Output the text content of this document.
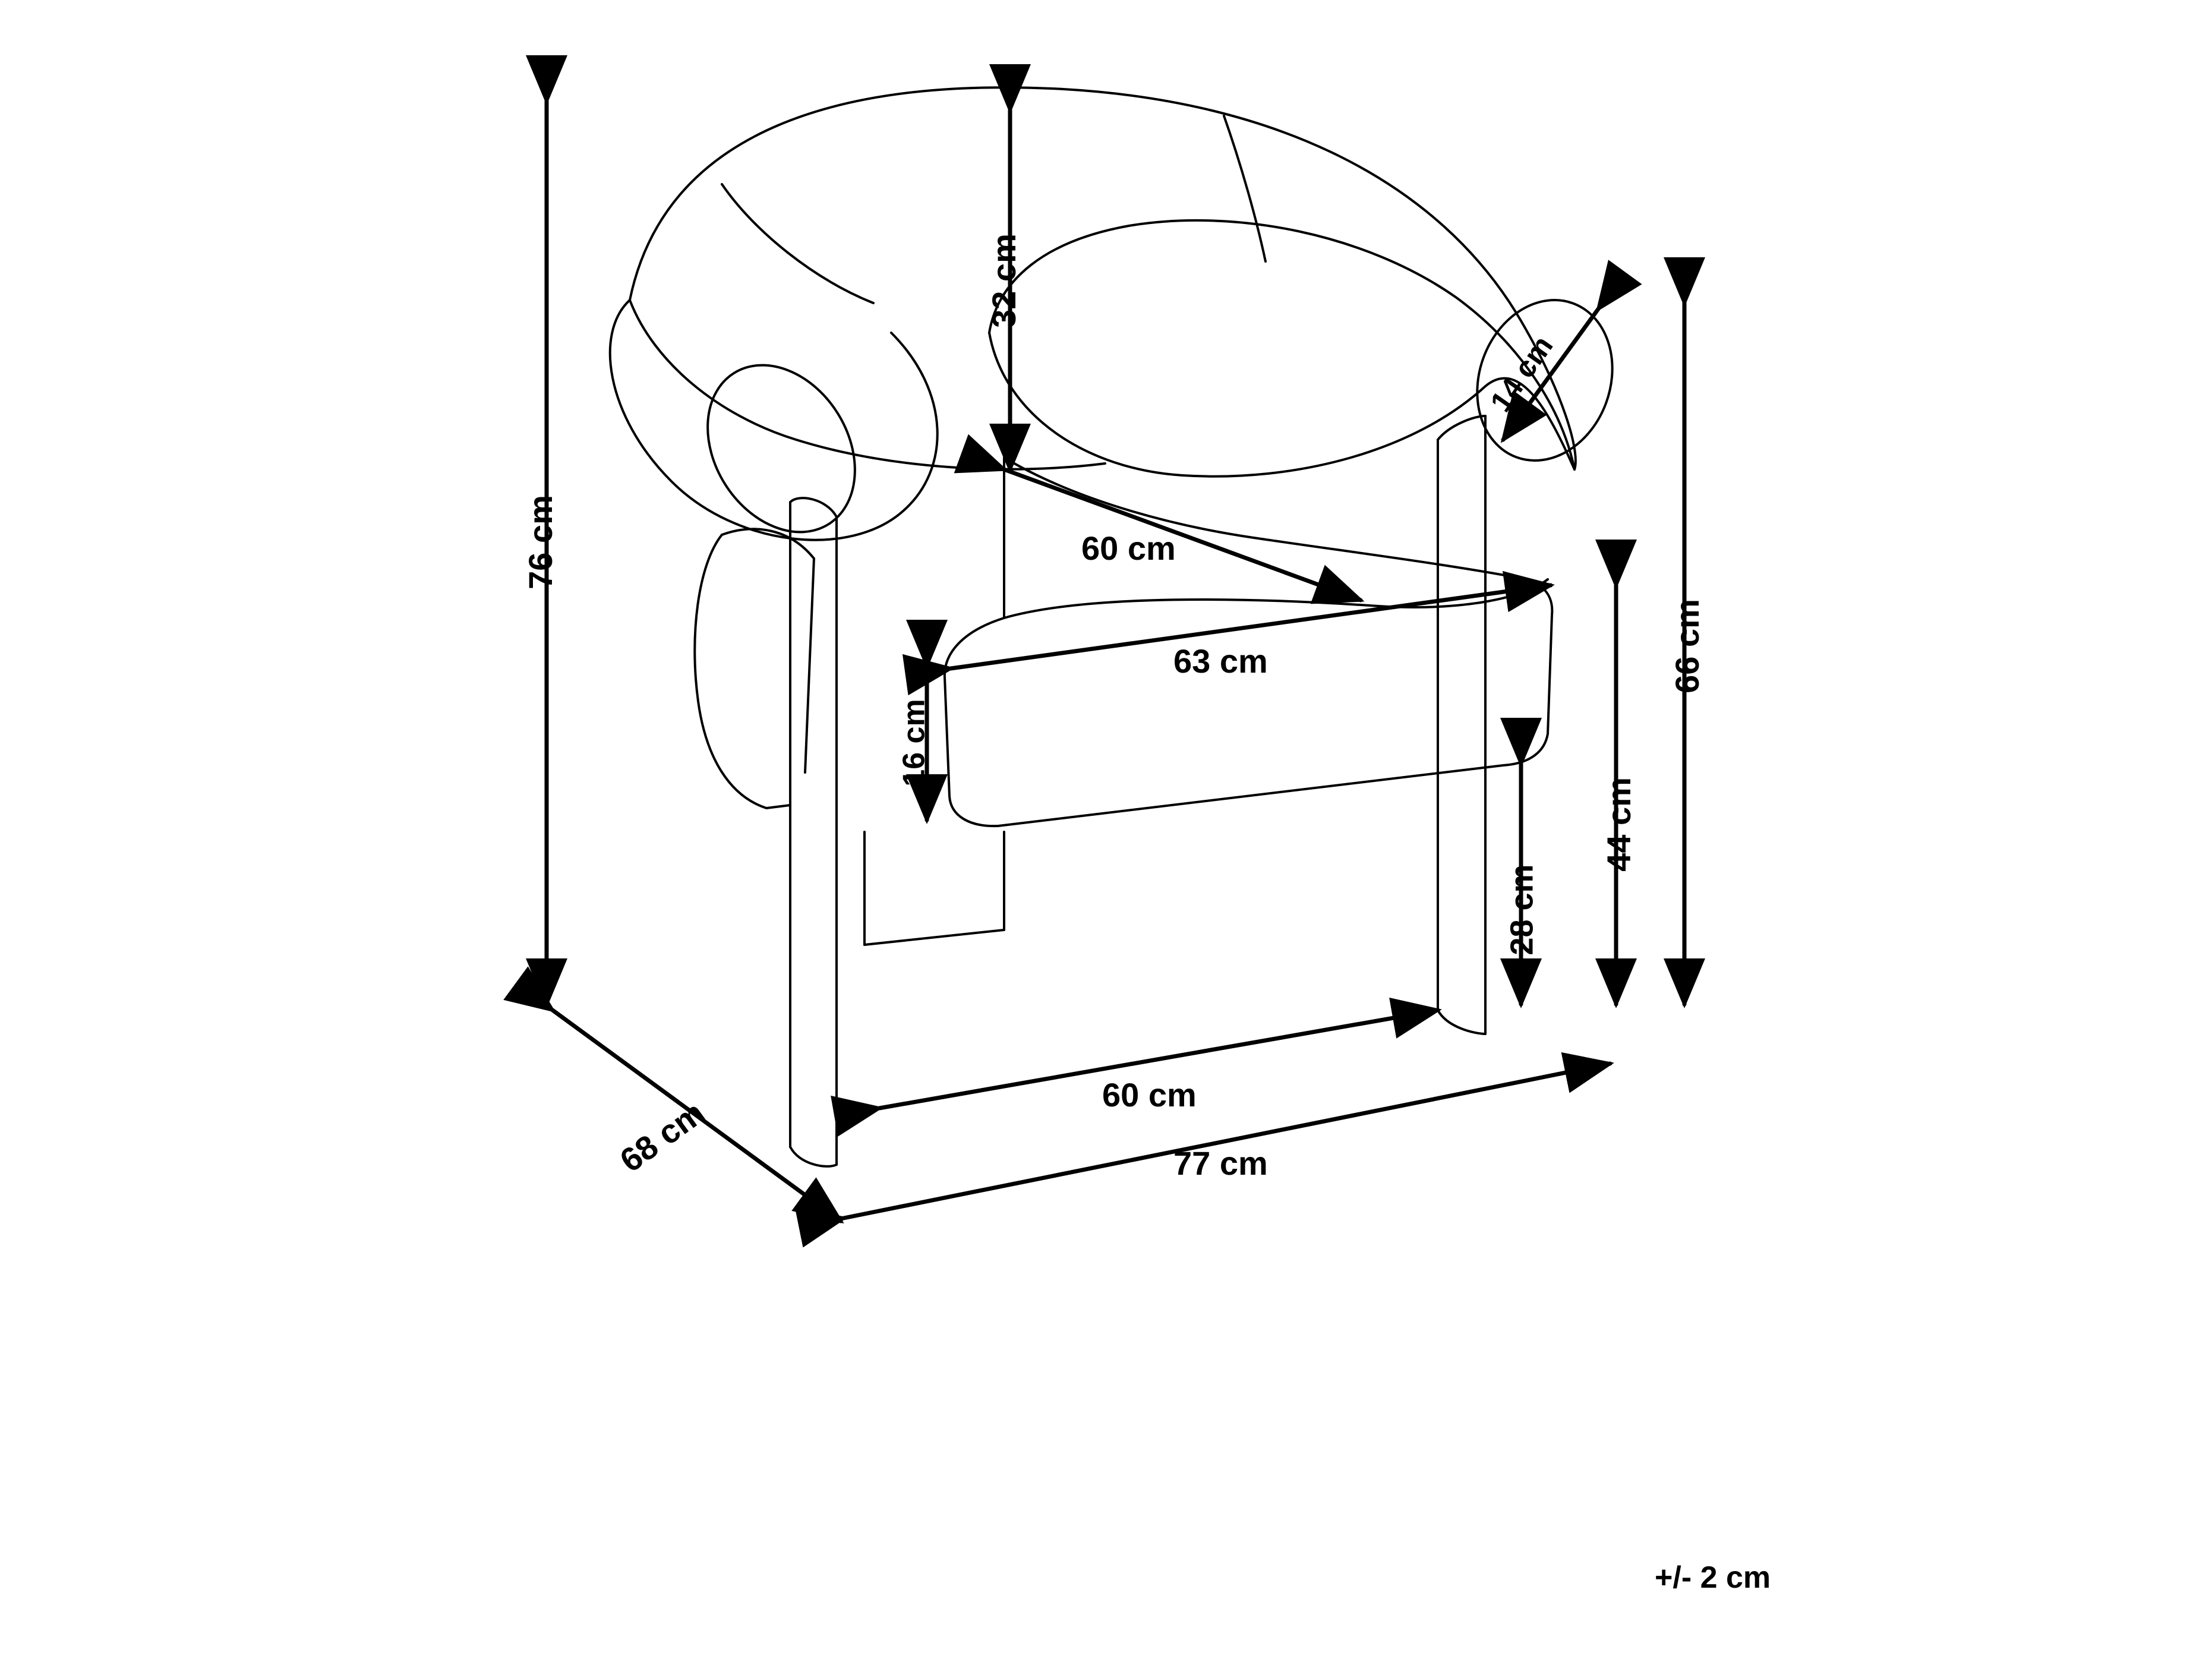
76 cm
32 cm
14 cm
60 cm
63 cm
16 cm
66 cm
44 cm
28 cm
68 cm	60 cm
77 cm
+/- 2 cm
